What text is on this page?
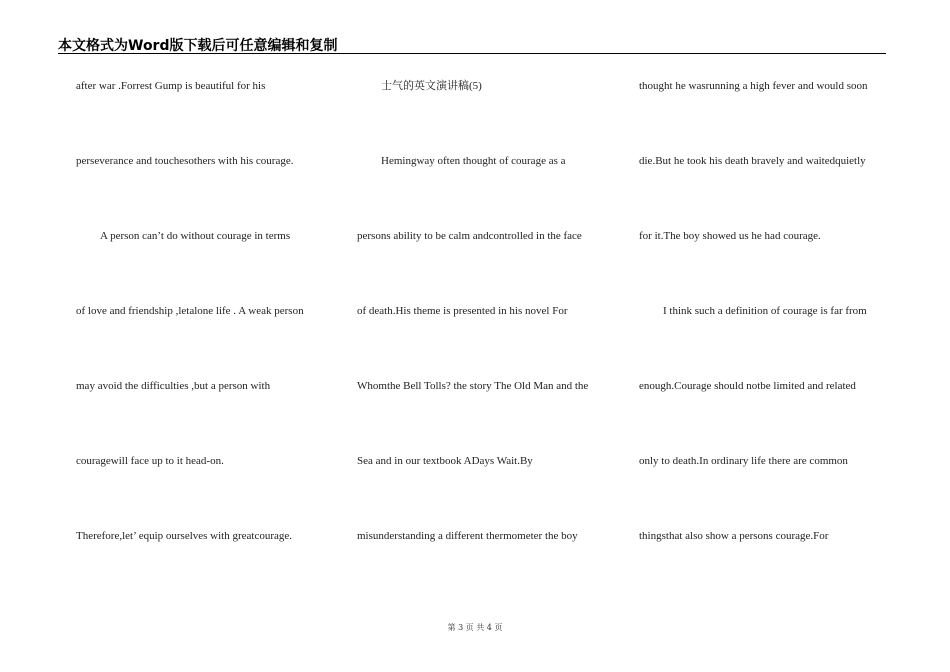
本文格式为Word版下载后可任意编辑和复制
after war .Forrest Gump is beautiful for his
perseverance and touchesothers with his courage.
A person can’t do without courage in terms
of love and friendship ,letalone life . A weak person
may avoid the difficulties ,but a person with
couragewill face up to it head-on.
Therefore,let’ equip ourselves with greatcourage.
士气的英文演讲稿(5)
Hemingway often thought of courage as a
persons ability to be calm andcontrolled in the face
of death.His theme is presented in his novel For
Whomthe Bell Tolls? the story The Old Man and the
Sea and in our textbook ADays Wait.By
misunderstanding a different thermometer the boy
thought he wasrunning a high fever and would soon
die.But he took his death bravely and waitedquietly
for it.The boy showed us he had courage.
I think such a definition of courage is far from
enough.Courage should notbe limited and related
only to death.In ordinary life there are common
thingsthat also show a persons courage.For
第 3 页 共 4 页
